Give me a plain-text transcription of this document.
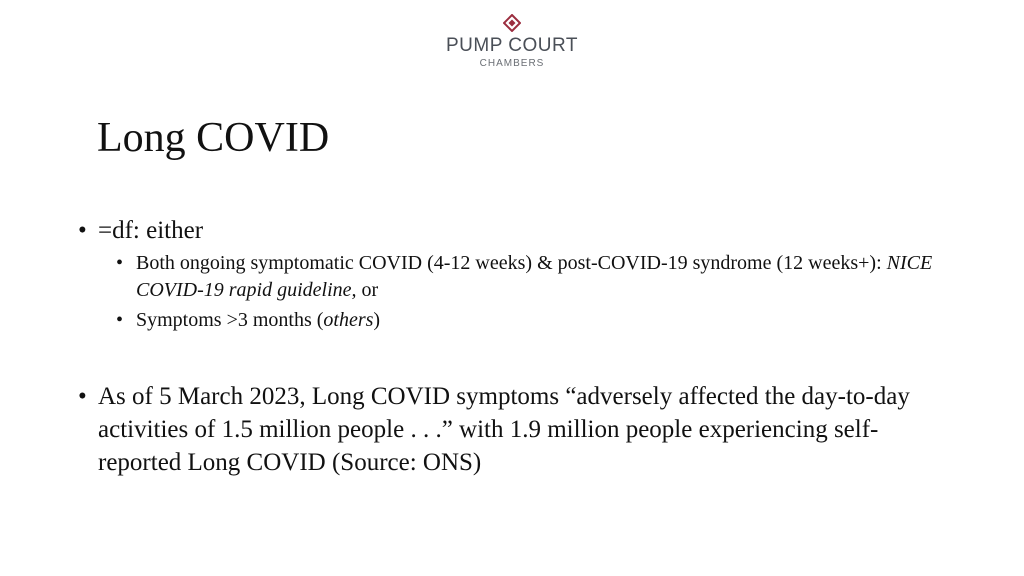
PUMP COURT
CHAMBERS
Long COVID
• =df: either
• Both ongoing symptomatic COVID (4-12 weeks) & post-COVID-19 syndrome (12 weeks+): NICE COVID-19 rapid guideline, or
• Symptoms >3 months (others)
• As of 5 March 2023, Long COVID symptoms “adversely affected the day-to-day activities of 1.5 million people . . .” with 1.9 million people experiencing self-reported Long COVID (Source: ONS)
